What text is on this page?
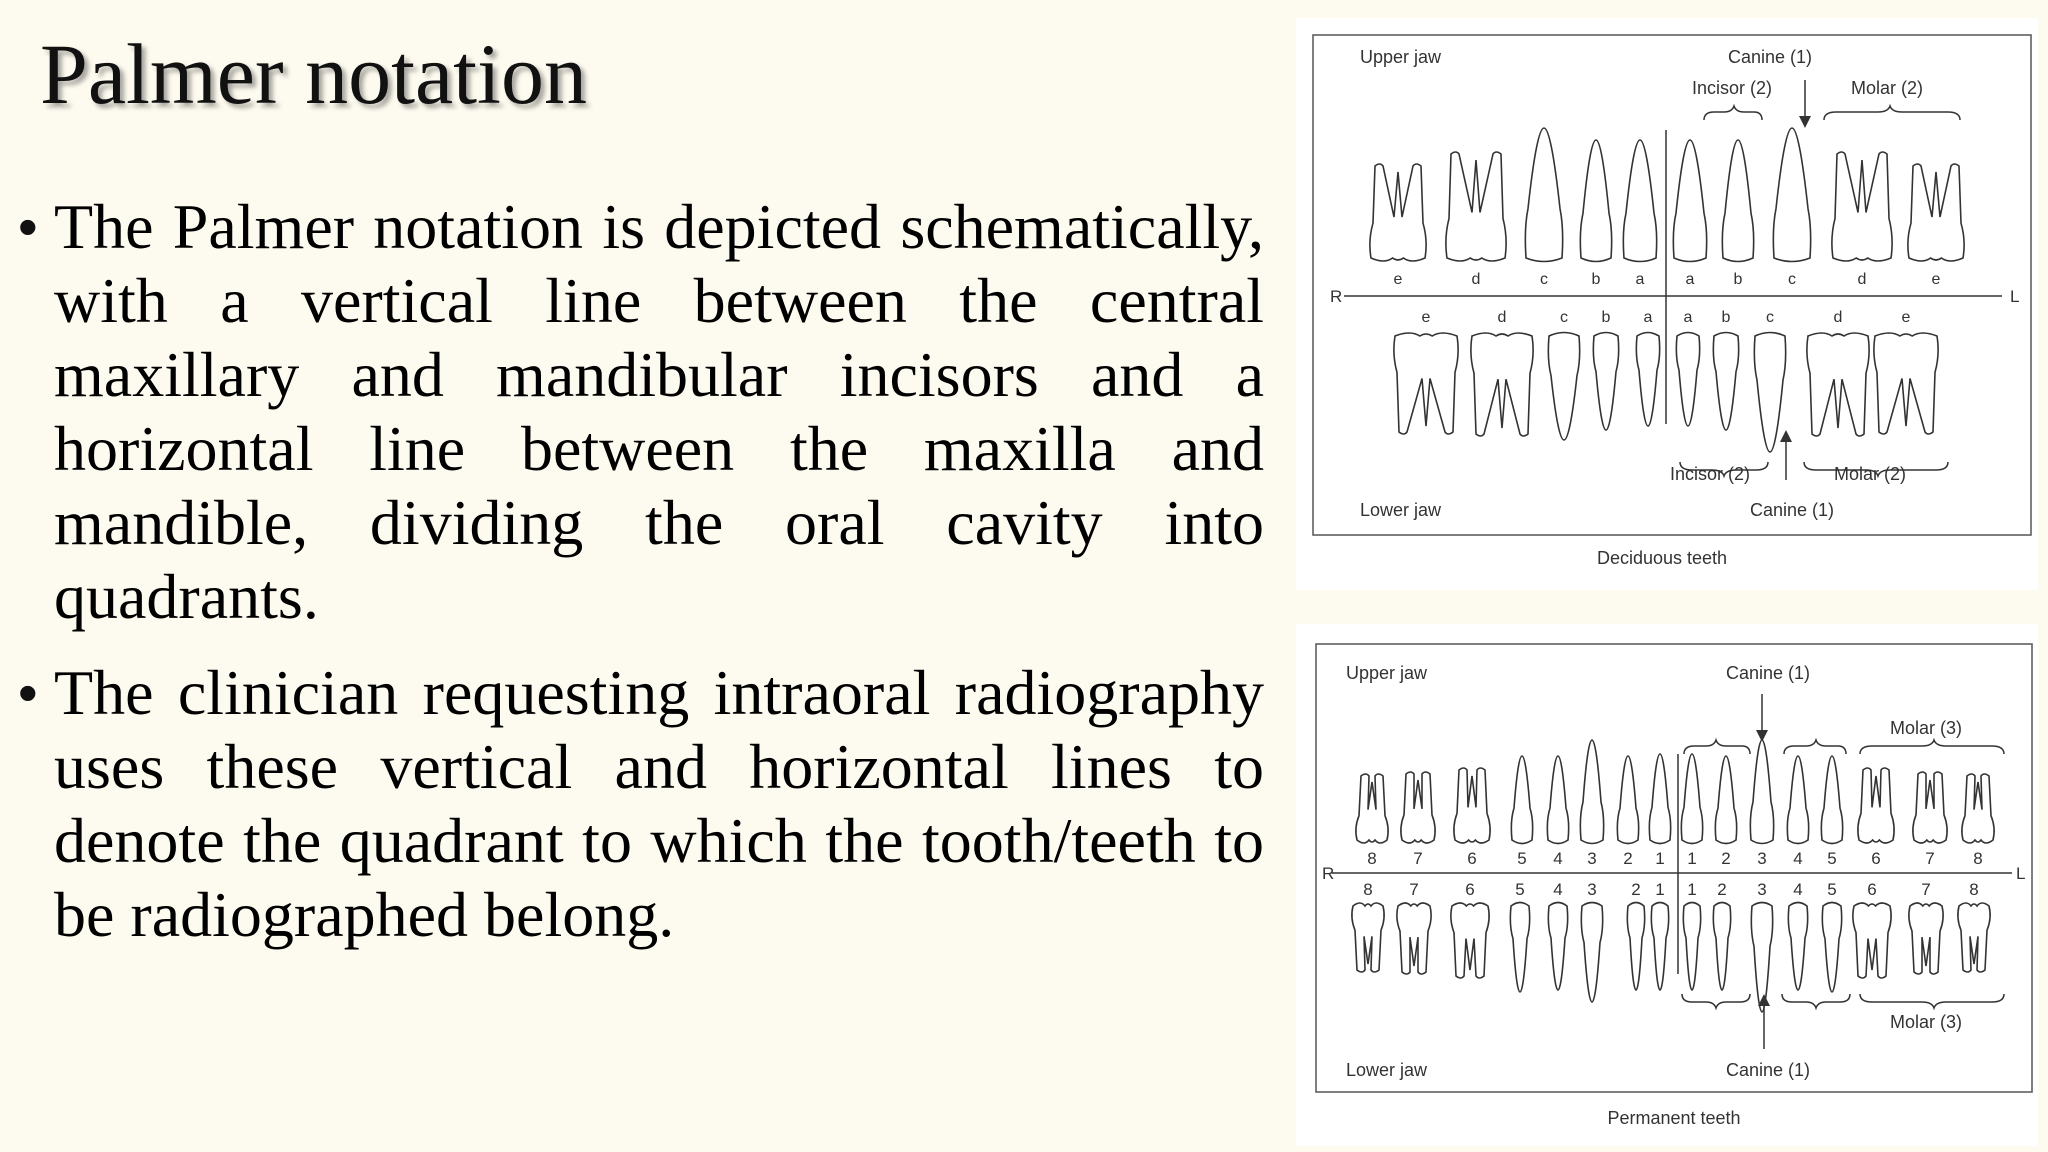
Palmer notation
• The Palmer notation is depicted schematically, with a vertical line between the central maxillary and mandibular incisors and a horizontal line between the maxilla and mandible, dividing the oral cavity into quadrants.
• The clinician requesting intraoral radiography uses these vertical and horizontal lines to denote the quadrant to which the tooth/teeth to be radiographed belong.
Upper jaw
Lower jaw
Canine (1)
Incisor (2)	Molar (2)
R	L
e	d	c	b a	a b	c	d	e
e	d	c b a a b c	d	e
Incisor (2)
Canine (1)
Molar (2)
Deciduous teeth
Upper jaw
Lower jaw
Canine (1)
Molar (3)
R	L
8 7	6 5 4 3 2 1 1 2 3 4 5 6	7 8
8 7	6 5 4 3 2 1 1 2 3 4 5 6	7 8
Molar (3)
Canine (1)
Permanent teeth
